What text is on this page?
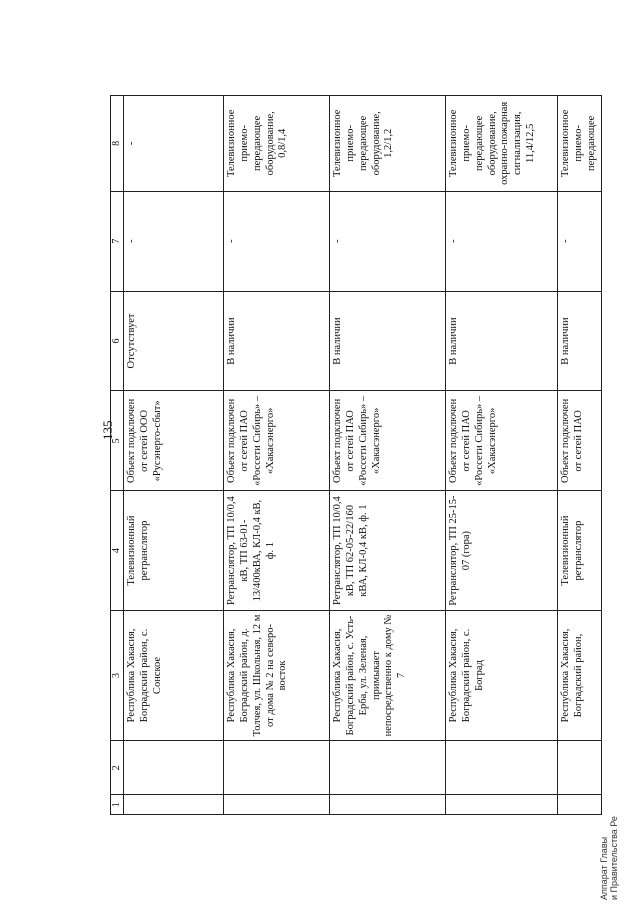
135
1	2	3	4	5	6	7	8
		Республика Хакасия, Боградский район, с. Сонское	Телевизионный ретранслятор	Объект подключен от сетей ООО «Русэнерго-сбыт»	Отсутствует	-	-
		Республика Хакасия, Боградский район, д. Толчея, ул. Школьная, 12 м от дома № 2 на северо-восток	Ретранслятор, ТП 10/0,4 кВ, ТП 63-01-13/400кВА, КЛ-0,4 кВ, ф. 1	Объект подключен от сетей ПАО «Россети Сибирь» – «Хакасэнерго»	В наличии	-	Телевизионное приемо-передающее оборудование, 0,8/1,4
		Республика Хакасия, Боградский район, с. Усть-Ерба, ул. Зеленая, примыкает непосредственно к дому № 7	Ретранслятор, ТП 10/0,4 кВ, ТП 62-05-22/160 кВА, КЛ-0,4 кВ, ф. 1	Объект подключен от сетей ПАО «Россети Сибирь» – «Хакасэнерго»	В наличии	-	Телевизионное приемо-передающее оборудование, 1,2/1,2
		Республика Хакасия, Боградский район, с. Боград	Ретранслятор, ТП 25-15-07 (гора)	Объект подключен от сетей ПАО «Россети Сибирь» – «Хакасэнерго»	В наличии	-	Телевизионное приемо-передающее оборудование, охранно-пожарная сигнализация, 11,4/12,5
		Республика Хакасия, Боградский район,	Телевизионный ретранслятор	Объект подключен от сетей ПАО	В наличии	-	Телевизионное приемо-передающее
Аппарат Главы и Правительства Ре
